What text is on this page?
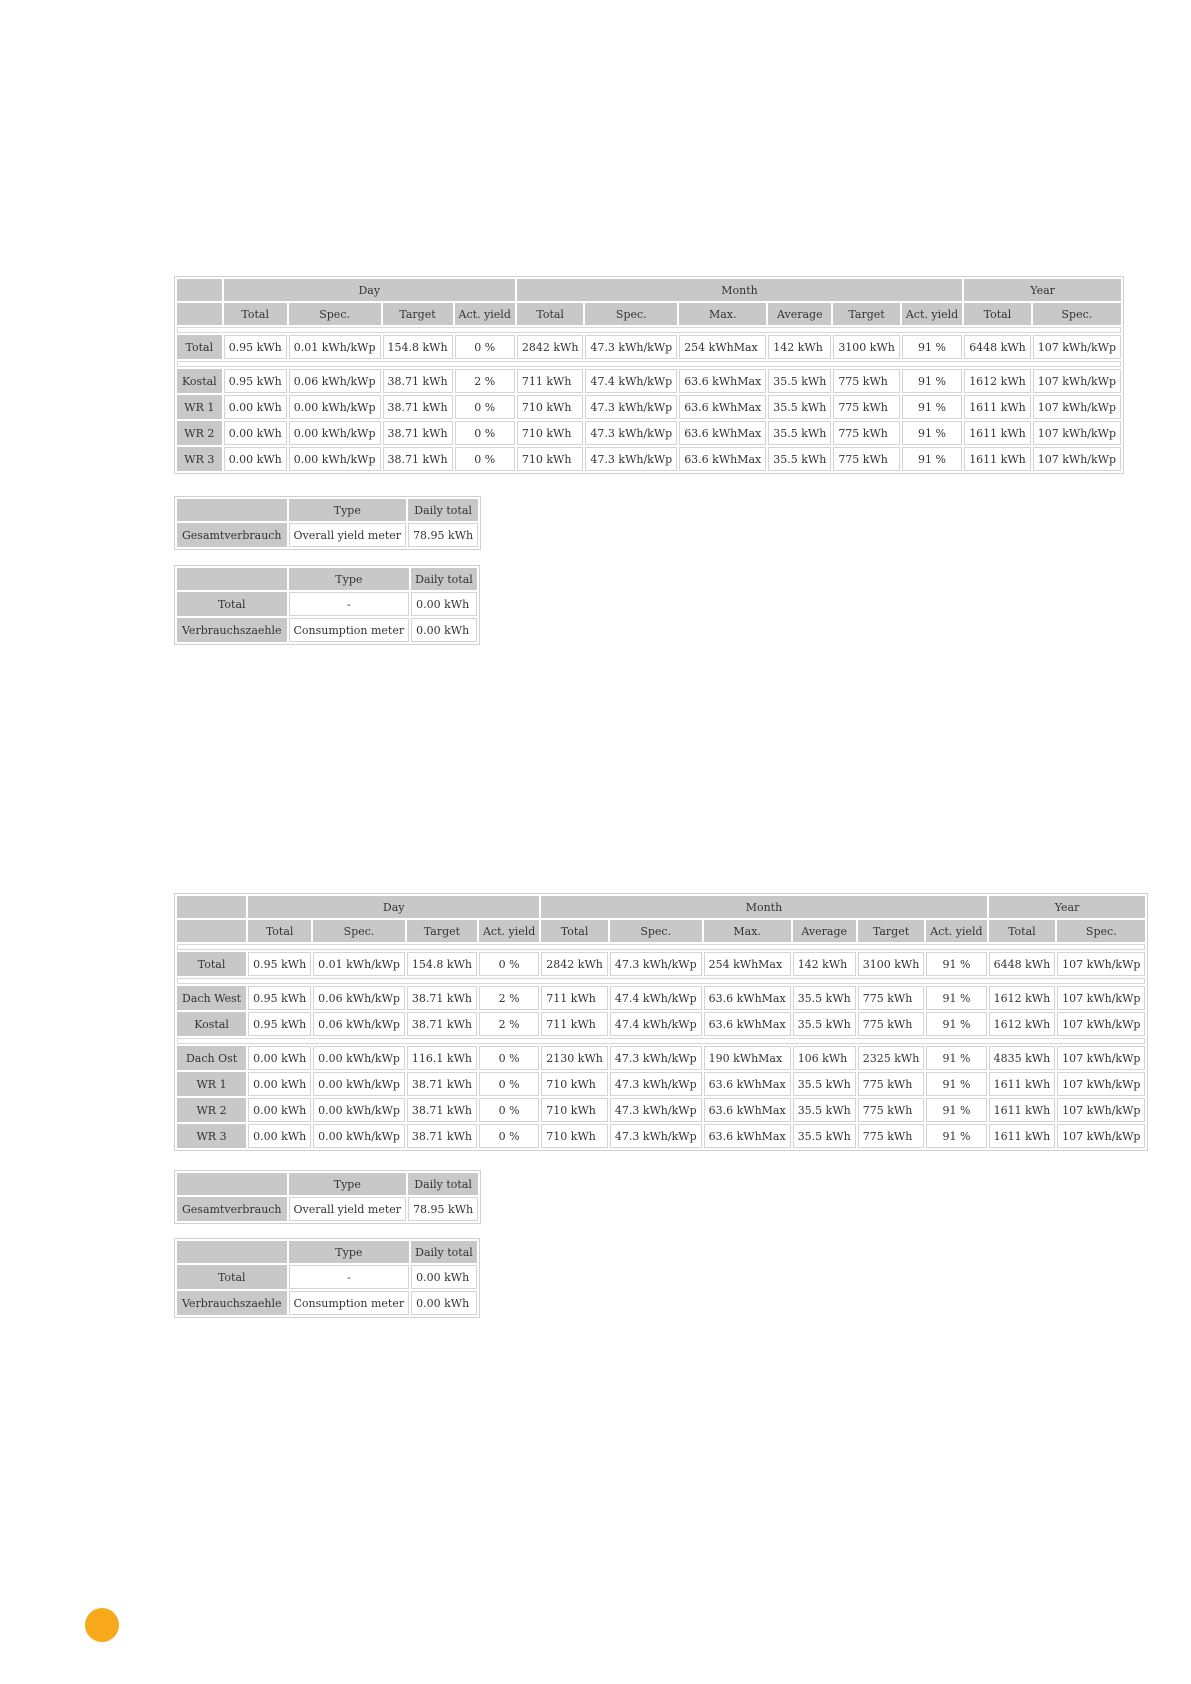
	Day				Month						Year	
	Total	Spec.	Target	Act. yield	Total	Spec.	Max.	Average	Target	Act. yield	Total	Spec.

Total	0.95 kWh	0.01 kWh/kWp	154.8 kWh	0 %	2842 kWh	47.3 kWh/kWp	254 kWhMax	142 kWh	3100 kWh	91 %	6448 kWh	107 kWh/kWp

Kostal	0.95 kWh	0.06 kWh/kWp	38.71 kWh	2 %	711 kWh	47.4 kWh/kWp	63.6 kWhMax	35.5 kWh	775 kWh	91 %	1612 kWh	107 kWh/kWp
WR 1	0.00 kWh	0.00 kWh/kWp	38.71 kWh	0 %	710 kWh	47.3 kWh/kWp	63.6 kWhMax	35.5 kWh	775 kWh	91 %	1611 kWh	107 kWh/kWp
WR 2	0.00 kWh	0.00 kWh/kWp	38.71 kWh	0 %	710 kWh	47.3 kWh/kWp	63.6 kWhMax	35.5 kWh	775 kWh	91 %	1611 kWh	107 kWh/kWp
WR 3	0.00 kWh	0.00 kWh/kWp	38.71 kWh	0 %	710 kWh	47.3 kWh/kWp	63.6 kWhMax	35.5 kWh	775 kWh	91 %	1611 kWh	107 kWh/kWp
	Type	Daily total
Gesamtverbrauch	Overall yield meter	78.95 kWh
	Type	Daily total
Total	-	0.00 kWh
Verbrauchszaehle	Consumption meter	0.00 kWh
	Day				Month						Year	
	Total	Spec.	Target	Act. yield	Total	Spec.	Max.	Average	Target	Act. yield	Total	Spec.

Total	0.95 kWh	0.01 kWh/kWp	154.8 kWh	0 %	2842 kWh	47.3 kWh/kWp	254 kWhMax	142 kWh	3100 kWh	91 %	6448 kWh	107 kWh/kWp

Dach West	0.95 kWh	0.06 kWh/kWp	38.71 kWh	2 %	711 kWh	47.4 kWh/kWp	63.6 kWhMax	35.5 kWh	775 kWh	91 %	1612 kWh	107 kWh/kWp
Kostal	0.95 kWh	0.06 kWh/kWp	38.71 kWh	2 %	711 kWh	47.4 kWh/kWp	63.6 kWhMax	35.5 kWh	775 kWh	91 %	1612 kWh	107 kWh/kWp

Dach Ost	0.00 kWh	0.00 kWh/kWp	116.1 kWh	0 %	2130 kWh	47.3 kWh/kWp	190 kWhMax	106 kWh	2325 kWh	91 %	4835 kWh	107 kWh/kWp
WR 1	0.00 kWh	0.00 kWh/kWp	38.71 kWh	0 %	710 kWh	47.3 kWh/kWp	63.6 kWhMax	35.5 kWh	775 kWh	91 %	1611 kWh	107 kWh/kWp
WR 2	0.00 kWh	0.00 kWh/kWp	38.71 kWh	0 %	710 kWh	47.3 kWh/kWp	63.6 kWhMax	35.5 kWh	775 kWh	91 %	1611 kWh	107 kWh/kWp
WR 3	0.00 kWh	0.00 kWh/kWp	38.71 kWh	0 %	710 kWh	47.3 kWh/kWp	63.6 kWhMax	35.5 kWh	775 kWh	91 %	1611 kWh	107 kWh/kWp
	Type	Daily total
Gesamtverbrauch	Overall yield meter	78.95 kWh
	Type	Daily total
Total	-	0.00 kWh
Verbrauchszaehle	Consumption meter	0.00 kWh
